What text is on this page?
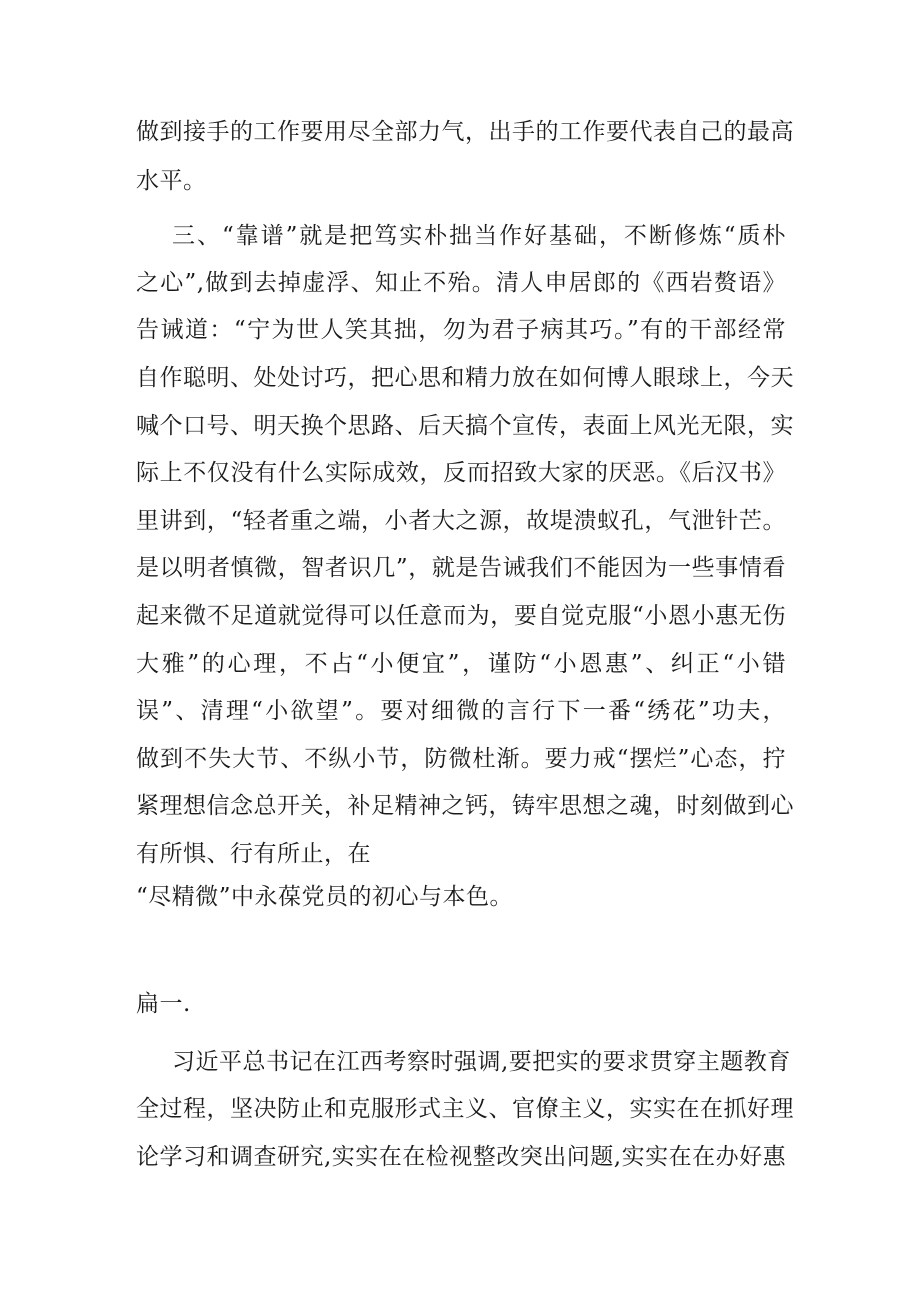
做到接手的工作要用尽全部力气，出手的工作要代表自己的最高
水平。
三、“靠谱”就是把笃实朴拙当作好基础，不断修炼“质朴
之心”,做到去掉虚浮、知止不殆。清人申居郎的《西岩赘语》
告诫道：“宁为世人笑其拙，勿为君子病其巧。”有的干部经常
自作聪明、处处讨巧，把心思和精力放在如何博人眼球上，今天
喊个口号、明天换个思路、后天搞个宣传，表面上风光无限，实
际上不仅没有什么实际成效，反而招致大家的厌恶。《后汉书》
里讲到，“轻者重之端，小者大之源，故堤溃蚁孔，气泄针芒。
是以明者慎微，智者识几”，就是告诫我们不能因为一些事情看
起来微不足道就觉得可以任意而为，要自觉克服“小恩小惠无伤
大雅”的心理，不占“小便宜”，谨防“小恩惠”、纠正“小错
误”、清理“小欲望”。要对细微的言行下一番“绣花”功夫，
做到不失大节、不纵小节，防微杜渐。要力戒“摆烂”心态，拧
紧理想信念总开关，补足精神之钙，铸牢思想之魂，时刻做到心
有所惧、行有所止，在
“尽精微”中永葆党员的初心与本色。
扁一.
习近平总书记在江西考察时强调,要把实的要求贯穿主题教育
全过程，坚决防止和克服形式主义、官僚主义，实实在在抓好理
论学习和调查研究,实实在在检视整改突出问题,实实在在办好惠
